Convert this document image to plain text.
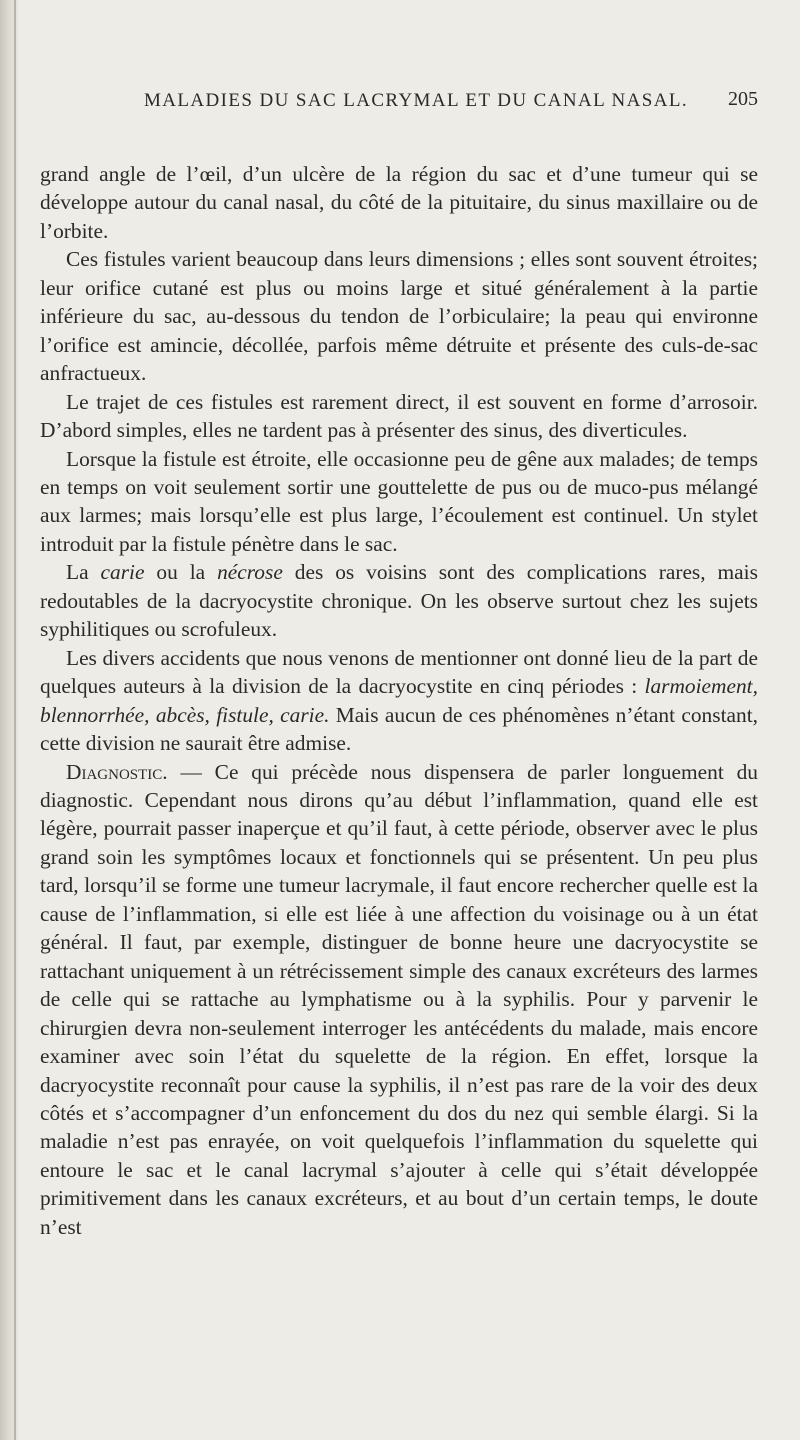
MALADIES DU SAC LACRYMAL ET DU CANAL NASAL. 205

grand angle de l’œil, d’un ulcère de la région du sac et d’une tumeur qui se développe autour du canal nasal, du côté de la pituitaire, du sinus maxillaire ou de l’orbite.

Ces fistules varient beaucoup dans leurs dimensions ; elles sont souvent étroites; leur orifice cutané est plus ou moins large et situé généralement à la partie inférieure du sac, au-dessous du tendon de l’orbiculaire; la peau qui environne l’orifice est amincie, décollée, parfois même détruite et présente des culs-de-sac anfractueux.

Le trajet de ces fistules est rarement direct, il est souvent en forme d’arrosoir. D’abord simples, elles ne tardent pas à présenter des sinus, des diverticules.

Lorsque la fistule est étroite, elle occasionne peu de gêne aux malades; de temps en temps on voit seulement sortir une gouttelette de pus ou de muco-pus mélangé aux larmes; mais lorsqu’elle est plus large, l’écoulement est continuel. Un stylet introduit par la fistule pénètre dans le sac.

La carie ou la nécrose des os voisins sont des complications rares, mais redoutables de la dacryocystite chronique. On les observe surtout chez les sujets syphilitiques ou scrofuleux.

Les divers accidents que nous venons de mentionner ont donné lieu de la part de quelques auteurs à la division de la dacryocystite en cinq périodes : larmoiement, blennorrhée, abcès, fistule, carie. Mais aucun de ces phénomènes n’étant constant, cette division ne saurait être admise.

Diagnostic. — Ce qui précède nous dispensera de parler longuement du diagnostic. Cependant nous dirons qu’au début l’inflammation, quand elle est légère, pourrait passer inaperçue et qu’il faut, à cette période, observer avec le plus grand soin les symptômes locaux et fonctionnels qui se présentent. Un peu plus tard, lorsqu’il se forme une tumeur lacrymale, il faut encore rechercher quelle est la cause de l’inflammation, si elle est liée à une affection du voisinage ou à un état général. Il faut, par exemple, distinguer de bonne heure une dacryocystite se rattachant uniquement à un rétrécissement simple des canaux excréteurs des larmes de celle qui se rattache au lymphatisme ou à la syphilis. Pour y parvenir le chirurgien devra non-seulement interroger les antécédents du malade, mais encore examiner avec soin l’état du squelette de la région. En effet, lorsque la dacryocystite reconnaît pour cause la syphilis, il n’est pas rare de la voir des deux côtés et s’accompagner d’un enfoncement du dos du nez qui semble élargi. Si la maladie n’est pas enrayée, on voit quelquefois l’inflammation du squelette qui entoure le sac et le canal lacrymal s’ajouter à celle qui s’était développée primitivement dans les canaux excréteurs, et au bout d’un certain temps, le doute n’est
